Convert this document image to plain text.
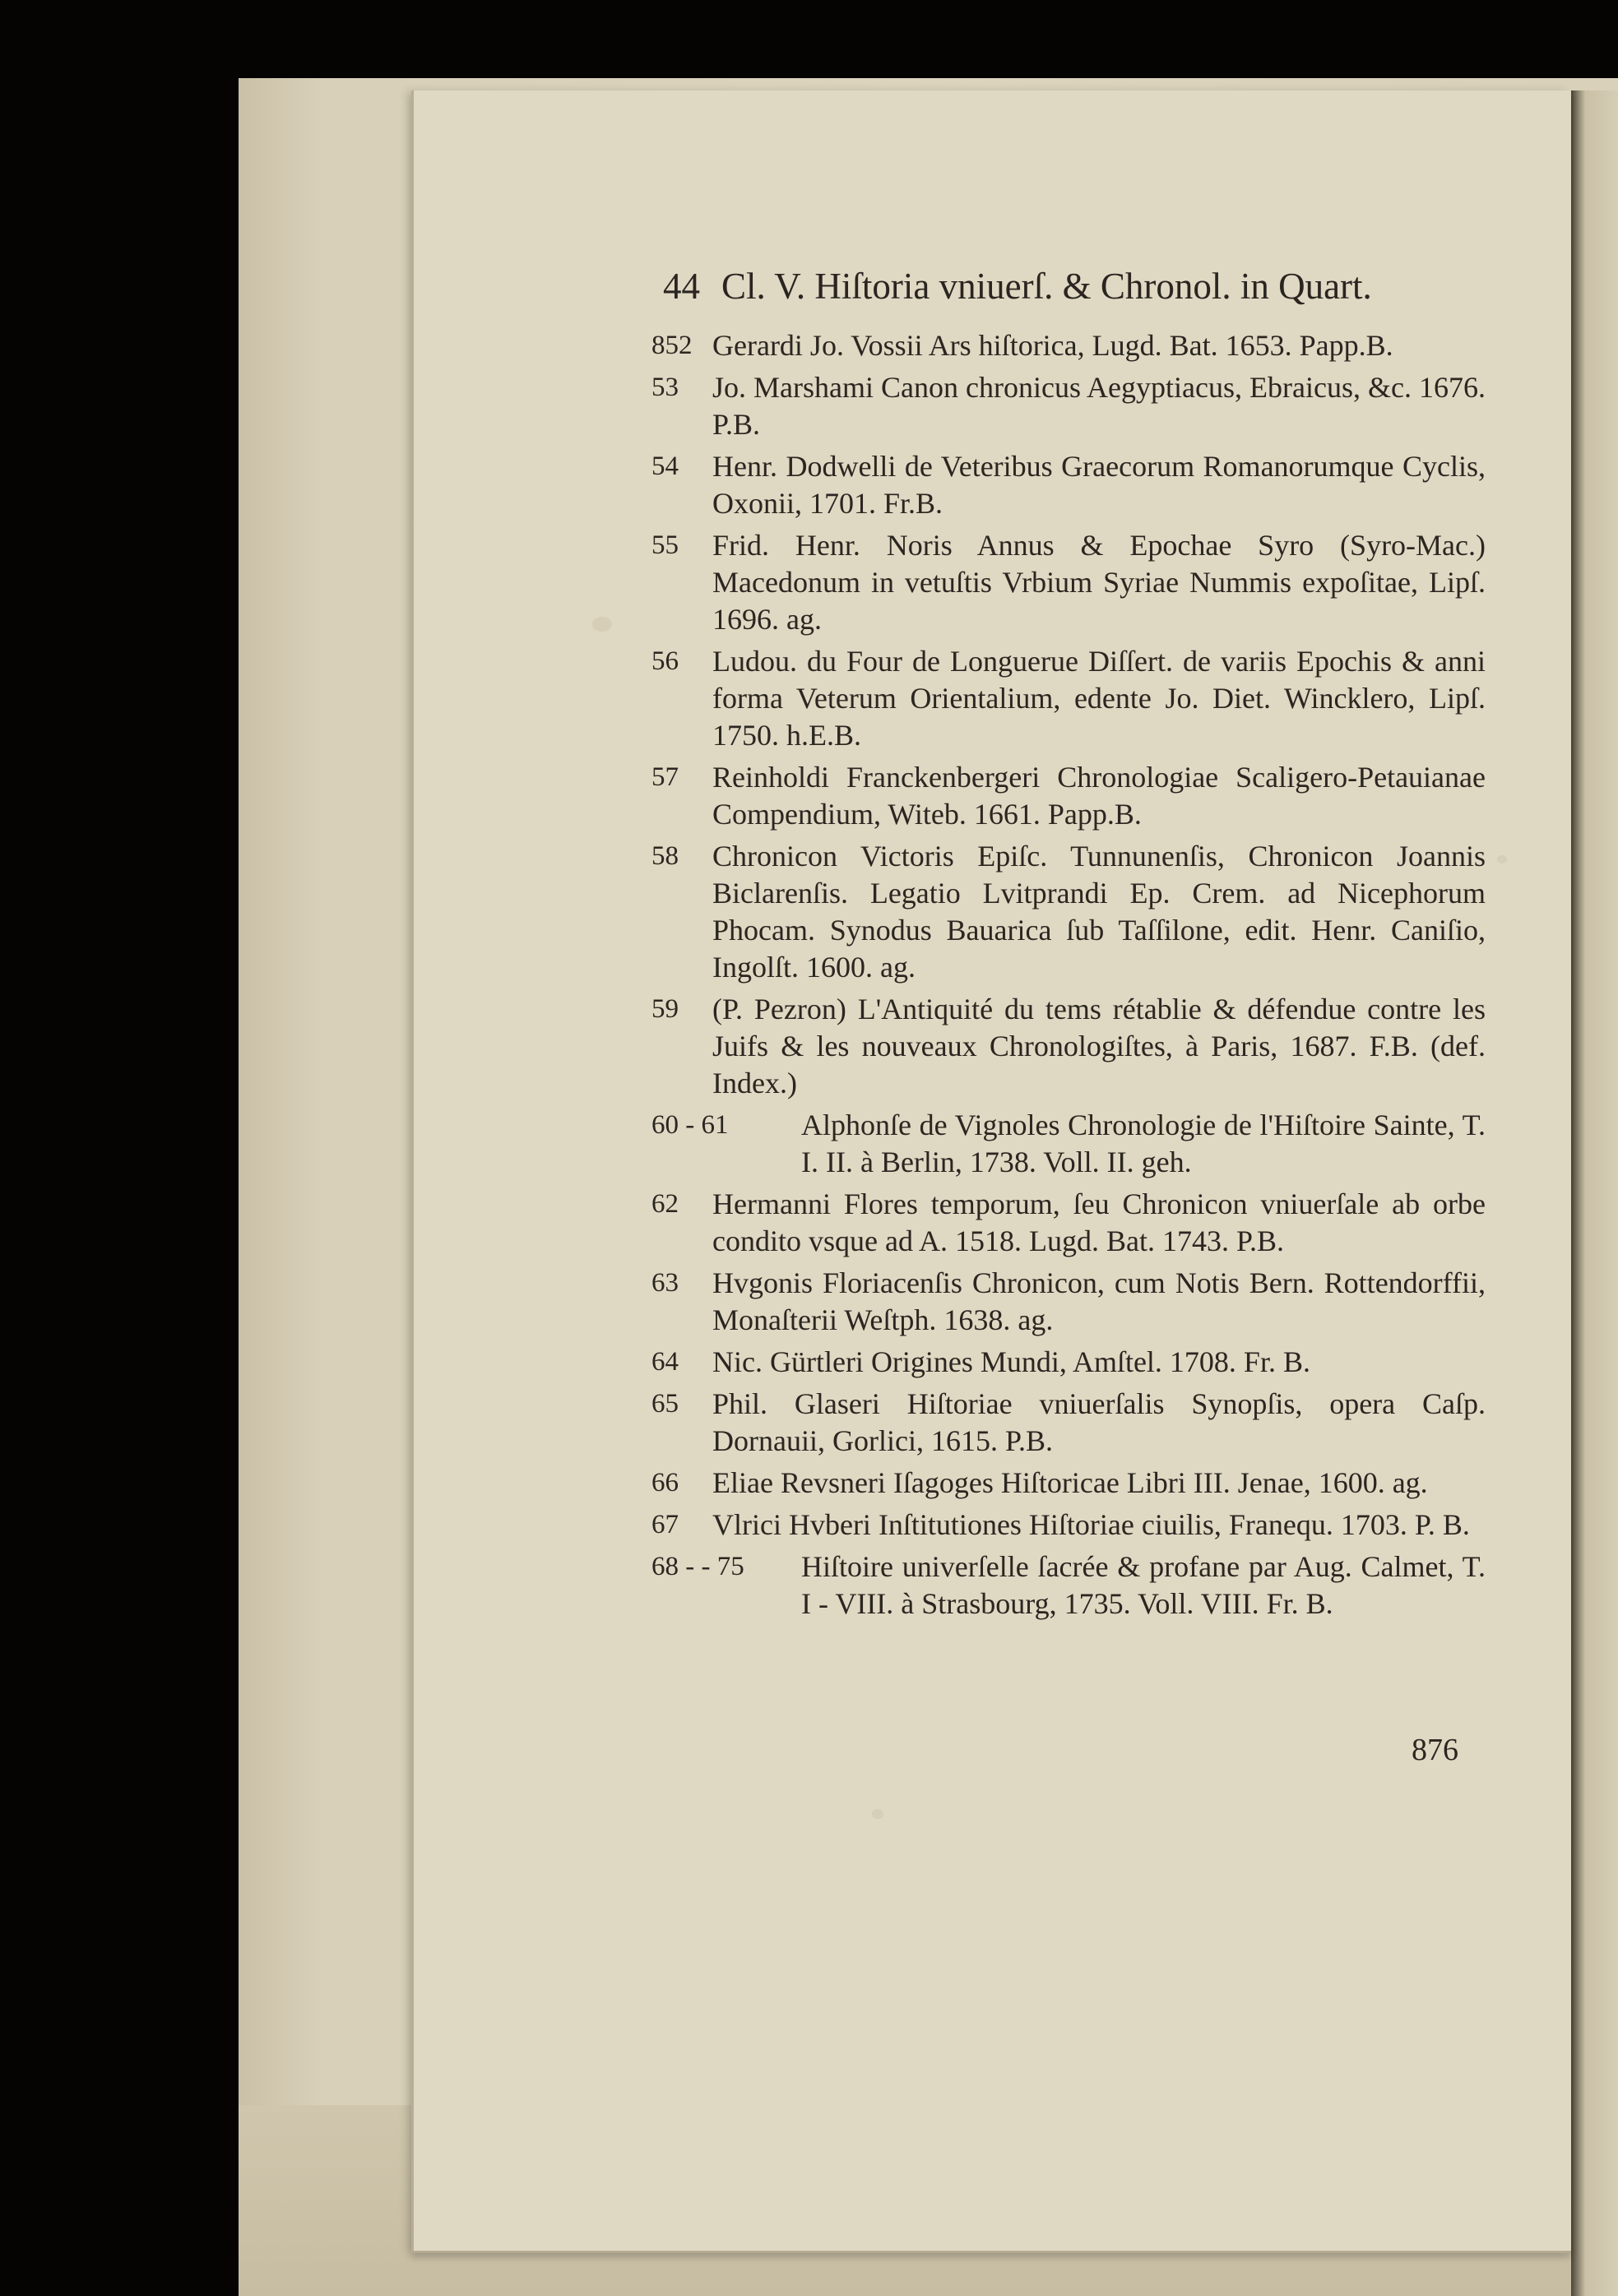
44 Cl. V. Hiſtoria vniuerſ. & Chronol. in Quart.
852 Gerardi Jo. Vossii Ars hiſtorica, Lugd. Bat. 1653. Papp.B.
53	Jo. Marshami Canon chronicus Aegyptiacus, Ebraicus, &c. 1676. P.B.
54	Henr. Dodwelli de Veteribus Graecorum Romanorumque Cyclis, Oxonii, 1701. Fr.B.
55	Frid. Henr. Noris Annus & Epochae Syro (Syro-Mac.) Macedonum in vetuſtis Vrbium Syriae Nummis expoſitae, Lipſ. 1696. ag.
56	Ludou. du Four de Longuerue Diſſert. de variis Epochis & anni forma Veterum Orientalium, edente Jo. Diet. Wincklero, Lipſ. 1750. h.E.B.
57	Reinholdi Franckenbergeri Chronologiae Scaligero-Petauianae Compendium, Witeb. 1661. Papp.B.
58	Chronicon Victoris Epiſc. Tunnunenſis, Chronicon Joannis Biclarenſis. Legatio Lvitprandi Ep. Crem. ad Nicephorum Phocam. Synodus Bauarica ſub Taſſilone, edit. Henr. Caniſio, Ingolſt. 1600. ag.
59	(P. Pezron) L'Antiquité du tems rétablie & défendue contre les Juifs & les nouveaux Chronologiſtes, à Paris, 1687. F.B. (def. Index.)
60 - 61	Alphonſe de Vignoles Chronologie de l'Hiſtoire Sainte, T. I. II. à Berlin, 1738. Voll. II. geh.
62	Hermanni Flores temporum, ſeu Chronicon vniuerſale ab orbe condito vsque ad A. 1518. Lugd. Bat. 1743. P.B.
63	Hvgonis Floriacenſis Chronicon, cum Notis Bern. Rottendorffii, Monaſterii Weſtph. 1638. ag.
64	Nic. Gürtleri Origines Mundi, Amſtel. 1708. Fr. B.
65	Phil. Glaseri Hiſtoriae vniuerſalis Synopſis, opera Caſp. Dornauii, Gorlici, 1615. P.B.
66	Eliae Revsneri Iſagoges Hiſtoricae Libri III. Jenae, 1600. ag.
67	Vlrici Hvberi Inſtitutiones Hiſtoriae ciuilis, Franequ. 1703. P. B.
68 - - 75	Hiſtoire univerſelle ſacrée & profane par Aug. Calmet, T. I - VIII. à Strasbourg, 1735. Voll. VIII. Fr. B.
876
